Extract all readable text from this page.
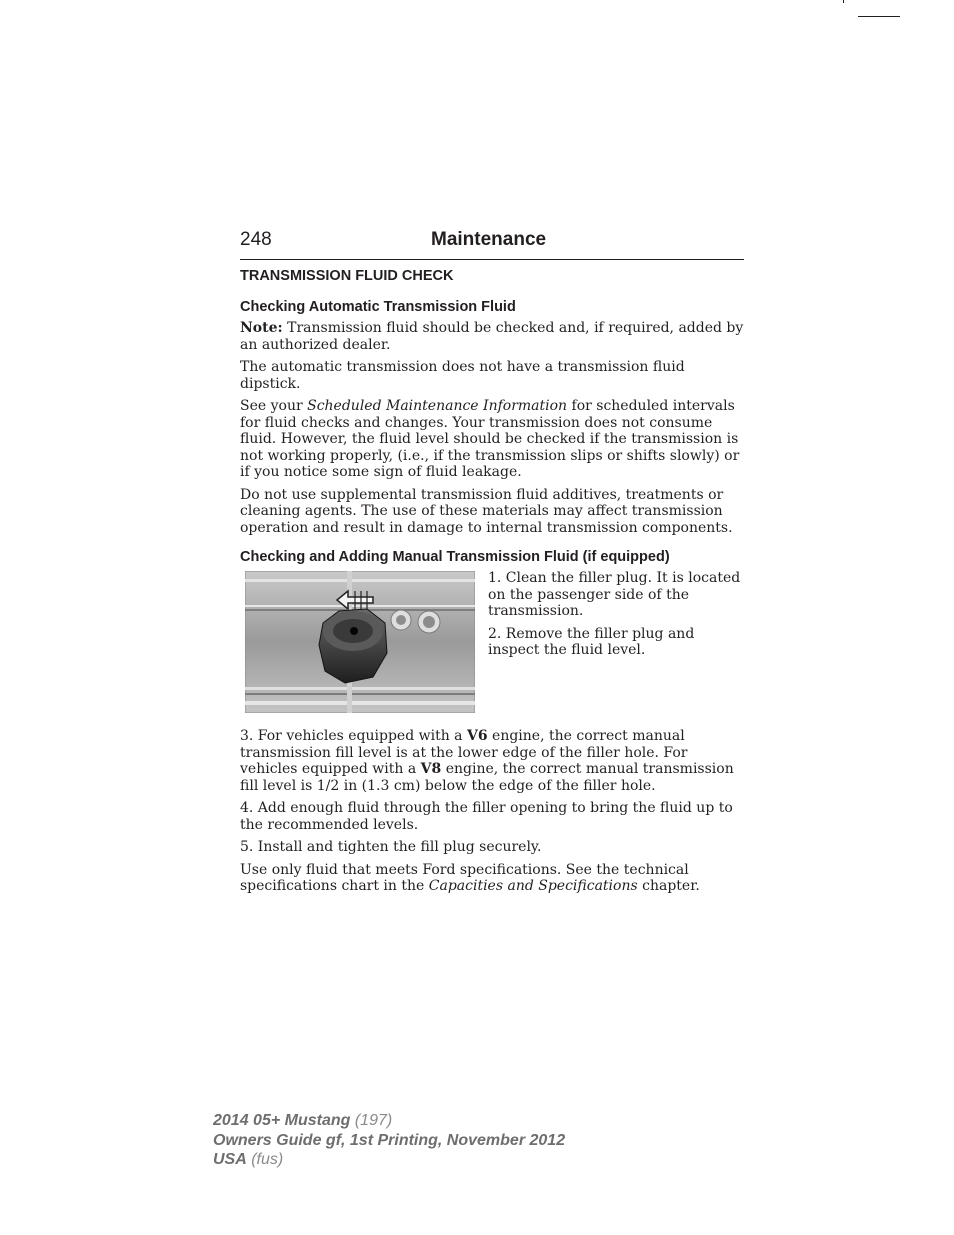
248	Maintenance
TRANSMISSION FLUID CHECK
Checking Automatic Transmission Fluid

Note: Transmission fluid should be checked and, if required, added by an authorized dealer.

The automatic transmission does not have a transmission fluid dipstick.

See your Scheduled Maintenance Information for scheduled intervals for fluid checks and changes. Your transmission does not consume fluid. However, the fluid level should be checked if the transmission is not working properly, (i.e., if the transmission slips or shifts slowly) or if you notice some sign of fluid leakage.

Do not use supplemental transmission fluid additives, treatments or cleaning agents. The use of these materials may affect transmission operation and result in damage to internal transmission components.

Checking and Adding Manual Transmission Fluid (if equipped)

1. Clean the filler plug. It is located on the passenger side of the transmission.

2. Remove the filler plug and inspect the fluid level.

3. For vehicles equipped with a V6 engine, the correct manual transmission fill level is at the lower edge of the filler hole. For vehicles equipped with a V8 engine, the correct manual transmission fill level is 1/2 in (1.3 cm) below the edge of the filler hole.

4. Add enough fluid through the filler opening to bring the fluid up to the recommended levels.

5. Install and tighten the fill plug securely.

Use only fluid that meets Ford specifications. See the technical specifications chart in the Capacities and Specifications chapter.

2014 05+ Mustang (197)
Owners Guide gf, 1st Printing, November 2012
USA (fus)
